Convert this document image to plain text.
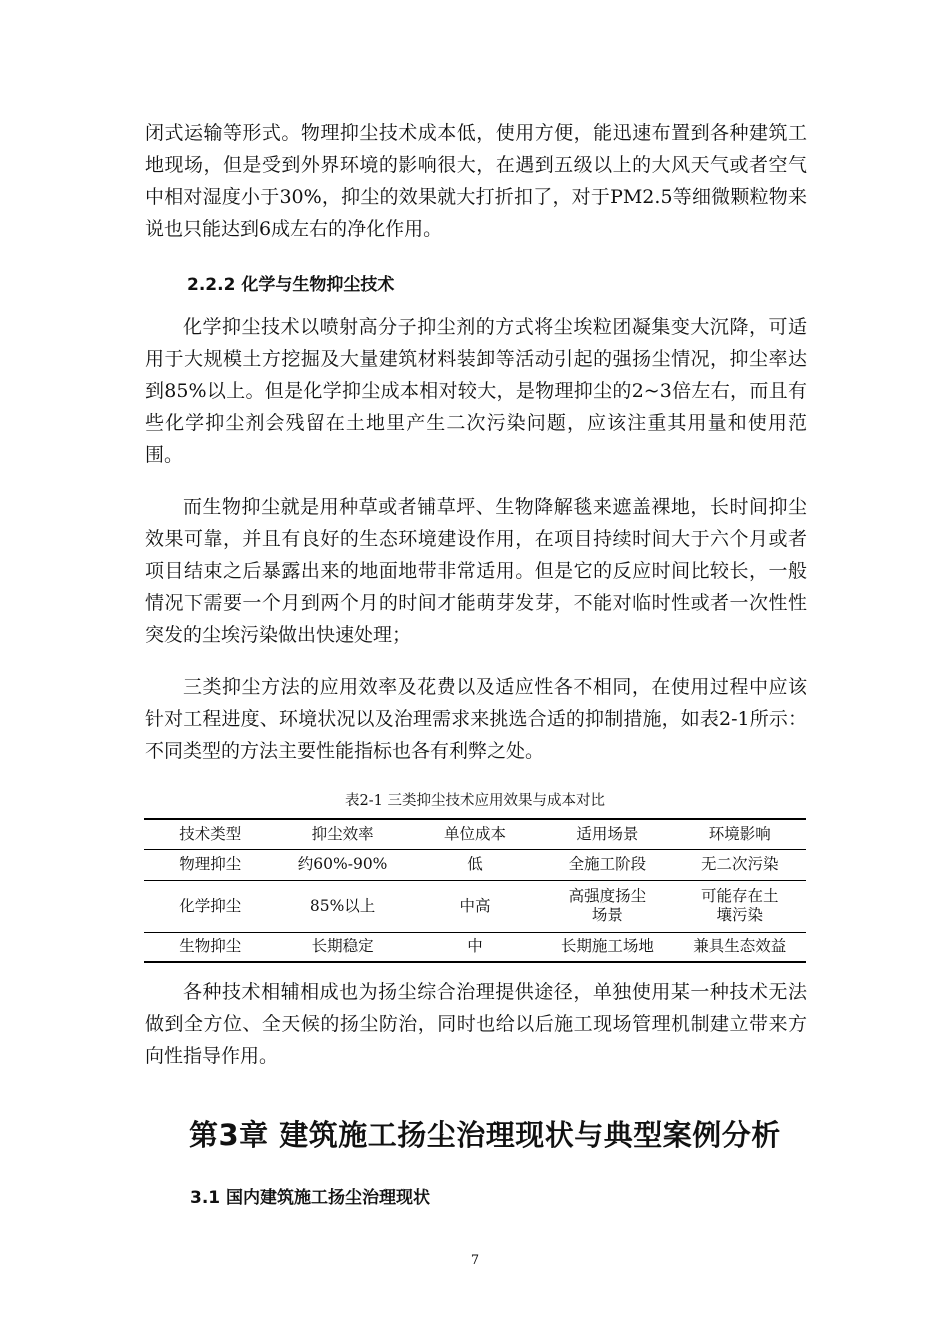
闭式运输等形式。物理抑尘技术成本低，使用方便，能迅速布置到各种建筑工地现场，但是受到外界环境的影响很大，在遇到五级以上的大风天气或者空气中相对湿度小于30%，抑尘的效果就大打折扣了，对于PM2.5等细微颗粒物来说也只能达到6成左右的净化作用。

2.2.2 化学与生物抑尘技术

化学抑尘技术以喷射高分子抑尘剂的方式将尘埃粒团凝集变大沉降，可适用于大规模土方挖掘及大量建筑材料装卸等活动引起的强扬尘情况，抑尘率达到85%以上。但是化学抑尘成本相对较大，是物理抑尘的2~3倍左右，而且有些化学抑尘剂会残留在土地里产生二次污染问题，应该注重其用量和使用范围。

而生物抑尘就是用种草或者铺草坪、生物降解毯来遮盖裸地，长时间抑尘效果可靠，并且有良好的生态环境建设作用，在项目持续时间大于六个月或者项目结束之后暴露出来的地面地带非常适用。但是它的反应时间比较长，一般情况下需要一个月到两个月的时间才能萌芽发芽，不能对临时性或者一次性性突发的尘埃污染做出快速处理；

三类抑尘方法的应用效率及花费以及适应性各不相同，在使用过程中应该针对工程进度、环境状况以及治理需求来挑选合适的抑制措施，如表2-1所示：不同类型的方法主要性能指标也各有利弊之处。

表2-1 三类抑尘技术应用效果与成本对比

技术类型	抑尘效率	单位成本	适用场景	环境影响
物理抑尘	约60%-90%	低	全施工阶段	无二次污染
化学抑尘	85%以上	中高	高强度扬尘场景	可能存在土壤污染
生物抑尘	长期稳定	中	长期施工场地	兼具生态效益

各种技术相辅相成也为扬尘综合治理提供途径，单独使用某一种技术无法做到全方位、全天候的扬尘防治，同时也给以后施工现场管理机制建立带来方向性指导作用。

第3章 建筑施工扬尘治理现状与典型案例分析
3.1 国内建筑施工扬尘治理现状

7
